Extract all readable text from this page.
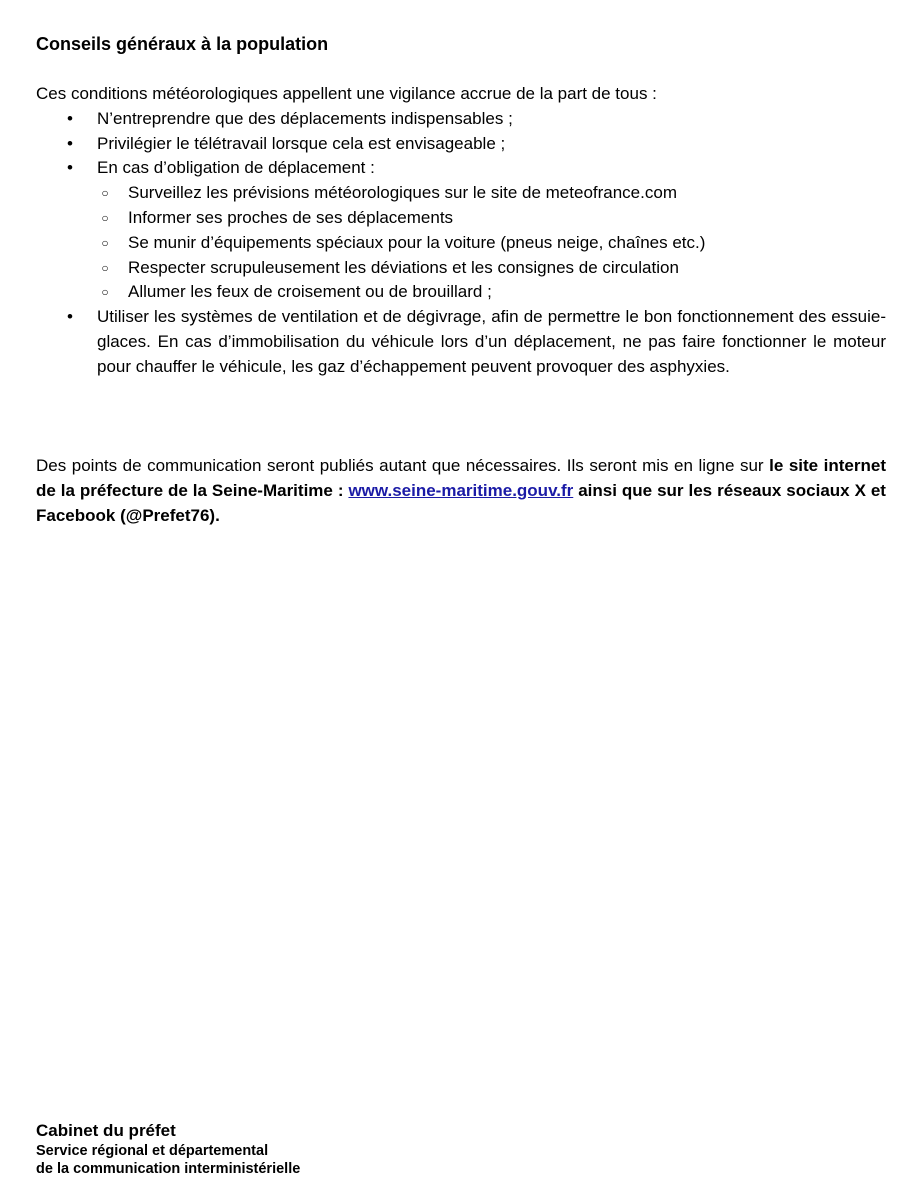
Conseils généraux à la population

Ces conditions météorologiques appellent une vigilance accrue de la part de tous :

• N’entreprendre que des déplacements indispensables ;
• Privilégier le télétravail lorsque cela est envisageable ;
• En cas d’obligation de déplacement :
○ Surveillez les prévisions météorologiques sur le site de meteofrance.com
○ Informer ses proches de ses déplacements
○ Se munir d’équipements spéciaux pour la voiture (pneus neige, chaînes etc.)
○ Respecter scrupuleusement les déviations et les consignes de circulation
○ Allumer les feux de croisement ou de brouillard ;
• Utiliser les systèmes de ventilation et de dégivrage, afin de permettre le bon fonctionnement des essuie-glaces. En cas d’immobilisation du véhicule lors d’un déplacement, ne pas faire fonctionner le moteur pour chauffer le véhicule, les gaz d’échappement peuvent provoquer des asphyxies.

Des points de communication seront publiés autant que nécessaires. Ils seront mis en ligne sur le site internet de la préfecture de la Seine-Maritime : www.seine-maritime.gouv.fr ainsi que sur les réseaux sociaux X et Facebook (@Prefet76).

Cabinet du préfet

Service régional et départemental

de la communication interministérielle
